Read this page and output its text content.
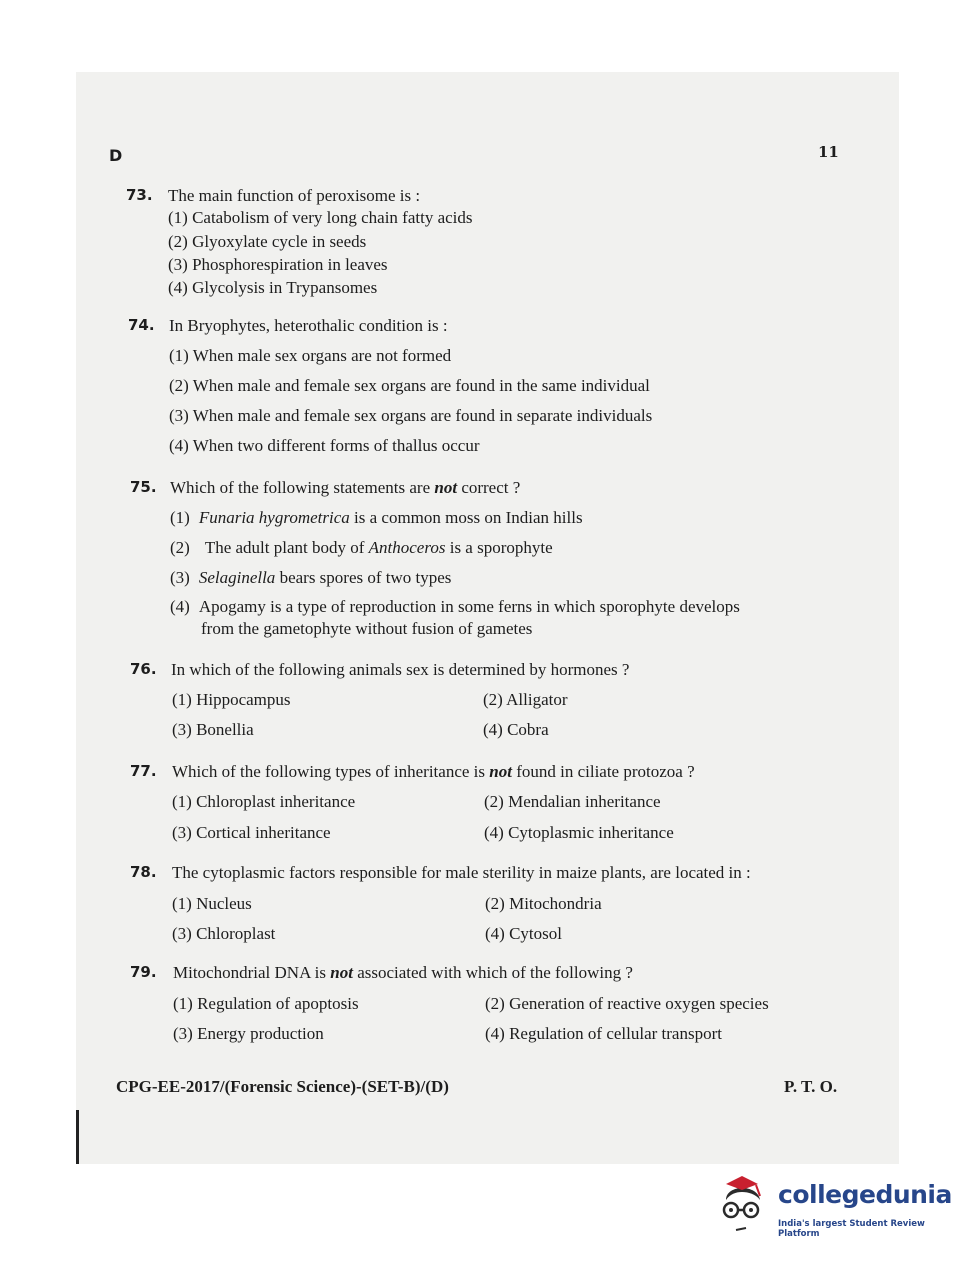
D	11
73. The main function of peroxisome is :
(1) Catabolism of very long chain fatty acids
(2) Glyoxylate cycle in seeds
(3) Phosphorespiration in leaves
(4) Glycolysis in Trypansomes
74. In Bryophytes, heterothalic condition is :
(1) When male sex organs are not formed
(2) When male and female sex organs are found in the same individual
(3) When male and female sex organs are found in separate individuals
(4) When two different forms of thallus occur
75. Which of the following statements are not correct ?
(1) Funaria hygrometrica is a common moss on Indian hills
(2) The adult plant body of Anthoceros is a sporophyte
(3) Selaginella bears spores of two types
(4) Apogamy is a type of reproduction in some ferns in which sporophyte develops
from the gametophyte without fusion of gametes
76. In which of the following animals sex is determined by hormones ?
(1) Hippocampus	(2) Alligator
(3) Bonellia	(4) Cobra
77. Which of the following types of inheritance is not found in ciliate protozoa ?
(1) Chloroplast inheritance	(2) Mendalian inheritance
(3) Cortical inheritance	(4) Cytoplasmic inheritance
78. The cytoplasmic factors responsible for male sterility in maize plants, are located in :
(1) Nucleus	(2) Mitochondria
(3) Chloroplast	(4) Cytosol
79. Mitochondrial DNA is not associated with which of the following ?
(1) Regulation of apoptosis	(2) Generation of reactive oxygen species
(3) Energy production	(4) Regulation of cellular transport
CPG-EE-2017/(Forensic Science)-(SET-B)/(D)	P. T. O.
collegedunia
India's largest Student Review Platform
